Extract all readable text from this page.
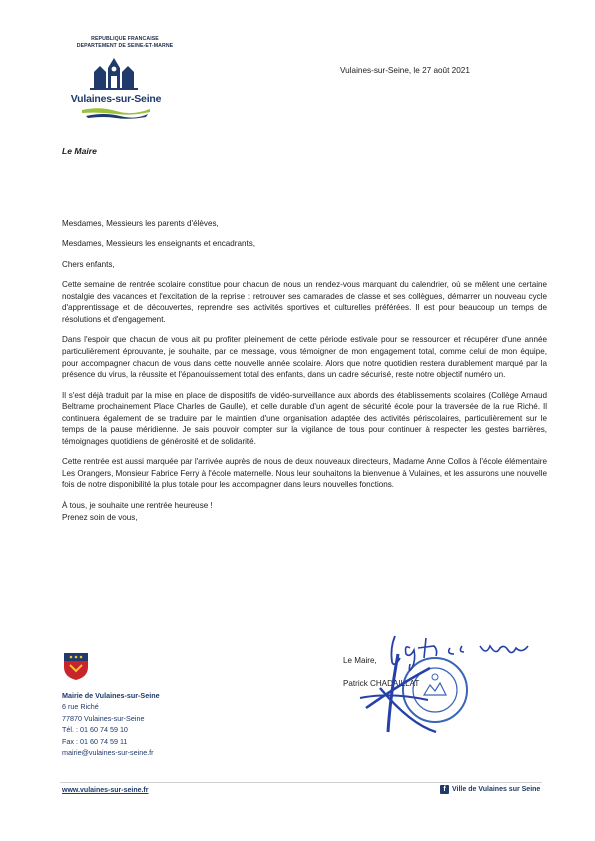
REPUBLIQUE FRANCAISE
DEPARTEMENT DE SEINE-ET-MARNE
Vulaines-sur-Seine
Vulaines-sur-Seine, le 27 août 2021
Le Maire

Mesdames, Messieurs les parents d'élèves,

Mesdames, Messieurs les enseignants et encadrants,

Chers enfants,

Cette semaine de rentrée scolaire constitue pour chacun de nous un rendez-vous marquant du calendrier, où se mêlent une certaine nostalgie des vacances et l'excitation de la reprise : retrouver ses camarades de classe et ses collègues, démarrer un nouveau cycle d'apprentissage et de découvertes, reprendre ses activités sportives et culturelles préférées. Il est pour beaucoup un temps de résolutions et d'engagement.

Dans l'espoir que chacun de vous ait pu profiter pleinement de cette période estivale pour se ressourcer et récupérer d'une année particulièrement éprouvante, je souhaite, par ce message, vous témoigner de mon engagement total, comme celui de mon équipe, pour accompagner chacun de vous dans cette nouvelle année scolaire. Alors que notre quotidien restera durablement marqué par la présence du virus, la réussite et l'épanouissement total des enfants, dans un cadre sécurisé, reste notre objectif numéro un.

Il s'est déjà traduit par la mise en place de dispositifs de vidéo-surveillance aux abords des établissements scolaires (Collège Arnaud Beltrame prochainement Place Charles de Gaulle), et celle durable d'un agent de sécurité école pour la traversée de la rue Riché. Il continuera également de se traduire par le maintien d'une organisation adaptée des activités périscolaires, particulièrement sur le temps de la pause méridienne. Je sais pouvoir compter sur la vigilance de tous pour continuer à respecter les gestes barrières, témoignages quotidiens de générosité et de solidarité.

Cette rentrée est aussi marquée par l'arrivée auprès de nous de deux nouveaux directeurs, Madame Anne Collos à l'école élémentaire Les Orangers, Monsieur Fabrice Ferry à l'école maternelle. Nous leur souhaitons la bienvenue à Vulaines, et les assurons une nouvelle fois de notre disponibilité la plus totale pour les accompagner dans leurs nouvelles fonctions.

À tous, je souhaite une rentrée heureuse !

Prenez soin de vous,

Le Maire,
Patrick CHADAILLAT
Mairie de Vulaines-sur-Seine
6 rue Riché
77870 Vulaines-sur-Seine
Tél. : 01 60 74 59 10
Fax : 01 60 74 59 11
mairie@vulaines-sur-seine.fr
www.vulaines-sur-seine.fr	f Ville de Vulaines sur Seine
